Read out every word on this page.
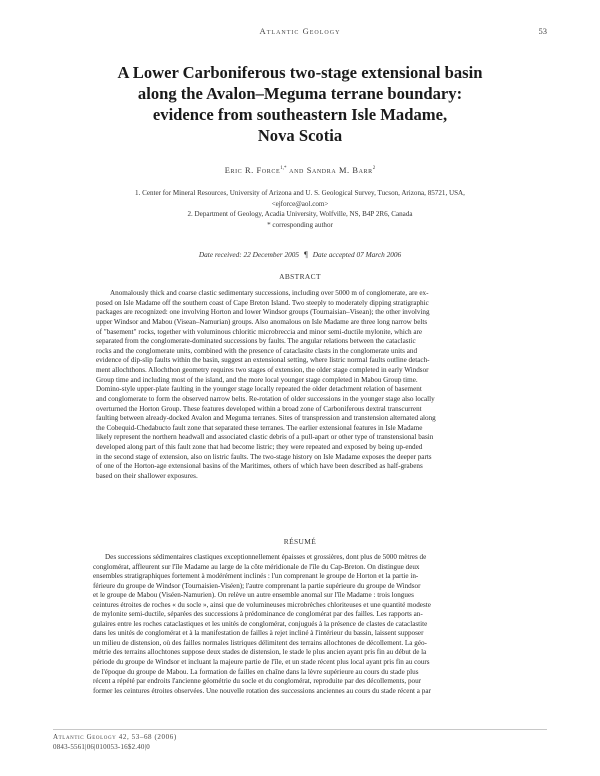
Atlantic Geology	53
A Lower Carboniferous two-stage extensional basin
along the Avalon–Meguma terrane boundary:
evidence from southeastern Isle Madame,
Nova Scotia
Eric R. Force$^{1,*}$ and Sandra M. Barr$^2$
1. Center for Mineral Resources, University of Arizona and U. S. Geological Survey, Tucson, Arizona, 85721, USA,
<ejforce@aol.com>
2. Department of Geology, Acadia University, Wolfville, NS, B4P 2R6, Canada
* corresponding author
Date received: 22 December 2005 ¶ Date accepted 07 March 2006
ABSTRACT
Anomalously thick and coarse clastic sedimentary successions, including over 5000 m of conglomerate, are ex-
posed on Isle Madame off the southern coast of Cape Breton Island. Two steeply to moderately dipping stratigraphic
packages are recognized: one involving Horton and lower Windsor groups (Tournaisian–Visean); the other involving
upper Windsor and Mabou (Visean–Namurian) groups. Also anomalous on Isle Madame are three long narrow belts
of "basement" rocks, together with voluminous chloritic microbreccia and minor semi-ductile mylonite, which are
separated from the conglomerate-dominated successions by faults. The angular relations between the cataclastic
rocks and the conglomerate units, combined with the presence of cataclasite clasts in the conglomerate units and
evidence of dip-slip faults within the basin, suggest an extensional setting, where listric normal faults outline detach-
ment allochthons. Allochthon geometry requires two stages of extension, the older stage completed in early Windsor
Group time and including most of the island, and the more local younger stage completed in Mabou Group time.
Domino-style upper-plate faulting in the younger stage locally repeated the older detachment relation of basement
and conglomerate to form the observed narrow belts. Re-rotation of older successions in the younger stage also locally
overturned the Horton Group. These features developed within a broad zone of Carboniferous dextral transcurrent
faulting between already-docked Avalon and Meguma terranes. Sites of transpression and transtension alternated along
the Cobequid-Chedabucto fault zone that separated these terranes. The earlier extensional features in Isle Madame
likely represent the northern headwall and associated clastic debris of a pull-apart or other type of transtensional basin
developed along part of this fault zone that had become listric; they were repeated and exposed by being up-ended
in the second stage of extension, also on listric faults. The two-stage history on Isle Madame exposes the deeper parts
of one of the Horton-age extensional basins of the Maritimes, others of which have been described as half-grabens
based on their shallower exposures.
RÉSUMÉ
Des successions sédimentaires clastiques exceptionnellement épaisses et grossières, dont plus de 5000 mètres de
conglomérat, affleurent sur l'île Madame au large de la côte méridionale de l'île du Cap-Breton. On distingue deux
ensembles stratigraphiques fortement à modérément inclinés : l'un comprenant le groupe de Horton et la partie in-
férieure du groupe de Windsor (Tournaisien-Viséen); l'autre comprenant la partie supérieure du groupe de Windsor
et le groupe de Mabou (Viséen-Namurien). On relève un autre ensemble anomal sur l'île Madame : trois longues
ceintures étroites de roches « du socle », ainsi que de volumineuses microbrèches chloriteuses et une quantité modeste
de mylonite semi-ductile, séparées des successions à prédominance de conglomérat par des failles. Les rapports an-
gulaires entre les roches cataclastiques et les unités de conglomérat, conjugués à la présence de clastes de cataclastite
dans les unités de conglomérat et à la manifestation de failles à rejet incliné à l'intérieur du bassin, laissent supposer
un milieu de distension, où des failles normales listriques délimitent des terrains allochtones de décollement. La géo-
métrie des terrains allochtones suppose deux stades de distension, le stade le plus ancien ayant pris fin au début de la
période du groupe de Windsor et incluant la majeure partie de l'île, et un stade récent plus local ayant pris fin au cours
de l'époque du groupe de Mabou. La formation de failles en chaîne dans la lèvre supérieure au cours du stade plus
récent a répété par endroits l'ancienne géométrie du socle et du conglomérat, reproduite par des décollements, pour
former les ceintures étroites observées. Une nouvelle rotation des successions anciennes au cours du stade récent a par
Atlantic Geology 42, 53–68 (2006)
0843-5561|06|010053-16$2.40|0
